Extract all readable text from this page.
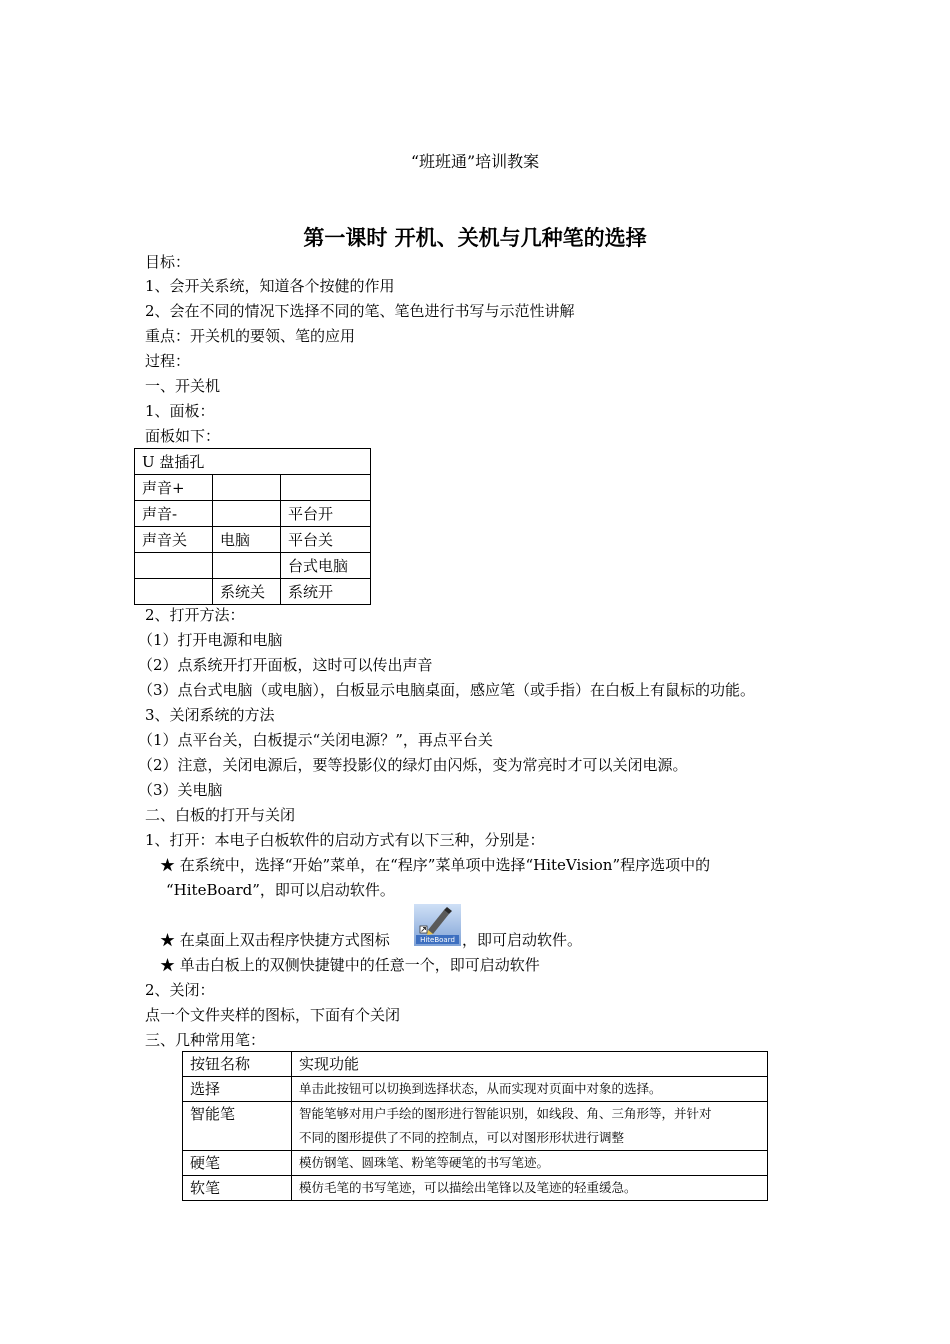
“班班通”培训教案
第一课时 开机、关机与几种笔的选择
目标：
1、会开关系统，知道各个按健的作用
2、会在不同的情况下选择不同的笔、笔色进行书写与示范性讲解
重点：开关机的要领、笔的应用
过程：
一、开关机
1、面板：
面板如下：
U 盘插孔		
声音+		
声音-		平台开
声音关	电脑	平台关
		台式电脑
	系统关	系统开
2、打开方法：
（1）打开电源和电脑
（2）点系统开打开面板，这时可以传出声音
（3）点台式电脑（或电脑），白板显示电脑桌面，感应笔（或手指）在白板上有鼠标的功能。
3、关闭系统的方法
（1）点平台关，白板提示“关闭电源？”，再点平台关
（2）注意，关闭电源后，要等投影仪的绿灯由闪烁，变为常亮时才可以关闭电源。
（3）关电脑
二、白板的打开与关闭
1、打开：本电子白板软件的启动方式有以下三种，分别是：
★ 在系统中，选择“开始”菜单，在“程序”菜单项中选择“HiteVision”程序选项中的
“HiteBoard”，即可以启动软件。
★ 在桌面上双击程序快捷方式图标	HiteBoard ，即可启动软件。
★ 单击白板上的双侧快捷键中的任意一个，即可启动软件
2、关闭：
点一个文件夹样的图标，下面有个关闭
三、几种常用笔：
按钮名称	实现功能
选择	单击此按钮可以切换到选择状态，从而实现对页面中对象的选择。
智能笔	智能笔够对用户手绘的图形进行智能识别，如线段、角、三角形等，并针对
不同的图形提供了不同的控制点，可以对图形形状进行调整

硬笔	模仿钢笔、圆珠笔、粉笔等硬笔的书写笔迹。
软笔	模仿毛笔的书写笔迹，可以描绘出笔锋以及笔迹的轻重缓急。
